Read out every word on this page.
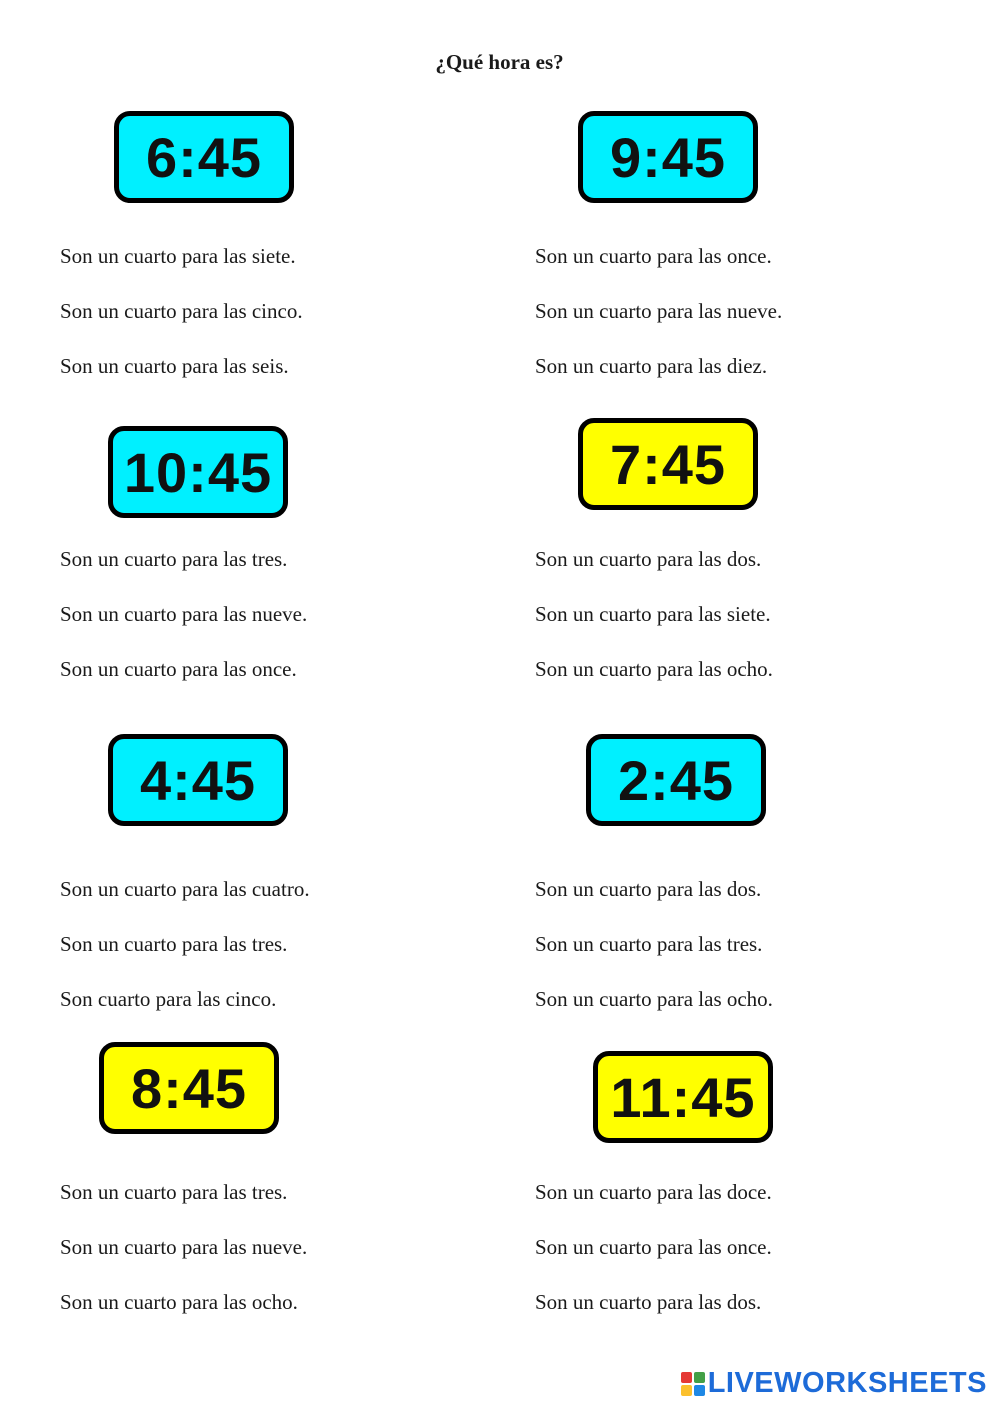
¿Qué hora es?
6:45
Son un cuarto para las siete.
Son un cuarto para las cinco.
Son un cuarto para las seis.
9:45
Son un cuarto para las once.
Son un cuarto para las nueve.
Son un cuarto para las diez.
10:45
Son un cuarto para las tres.
Son un cuarto para las nueve.
Son un cuarto para las once.
7:45
Son un cuarto para las dos.
Son un cuarto para las siete.
Son un cuarto para las ocho.
4:45
Son un cuarto para las cuatro.
Son un cuarto para las tres.
Son cuarto para las cinco.
2:45
Son un cuarto para las dos.
Son un cuarto para las tres.
Son un cuarto para las ocho.
8:45
Son un cuarto para las tres.
Son un cuarto para las nueve.
Son un cuarto para las ocho.
11:45
Son un cuarto para las doce.
Son un cuarto para las once.
Son un cuarto para las dos.
LIVEWORKSHEETS
